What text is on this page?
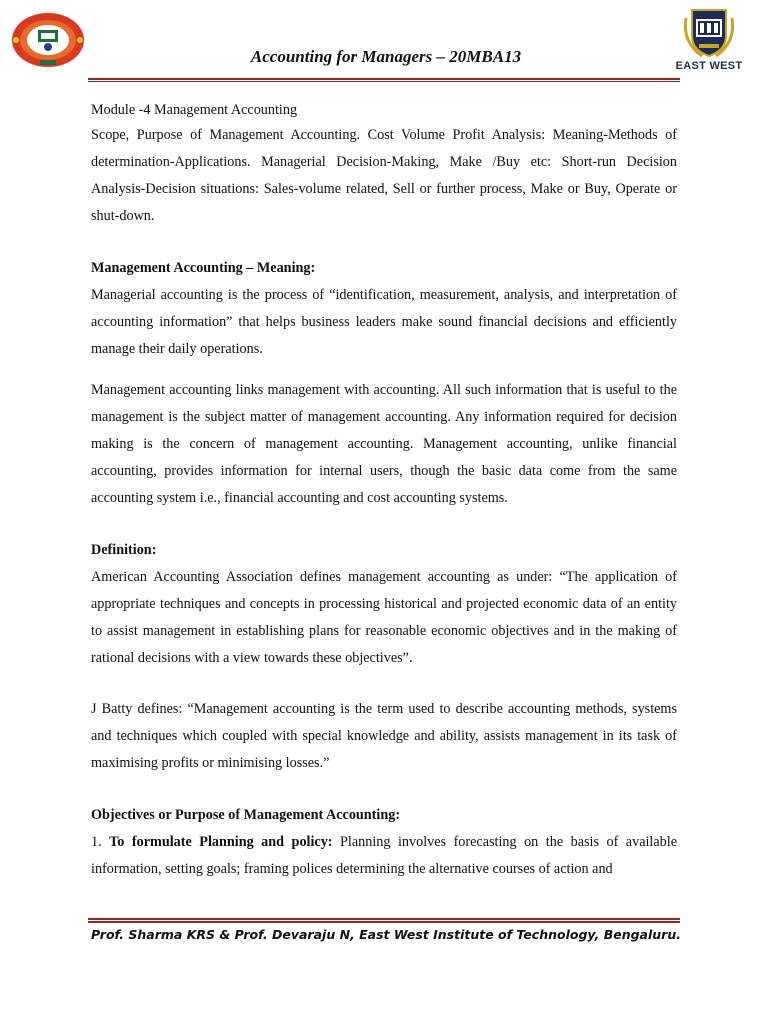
EAST WEST
Accounting for Managers – 20MBA13

Module -4 Management Accounting

Scope, Purpose of Management Accounting. Cost Volume Profit Analysis: Meaning-Methods of determination-Applications. Managerial Decision-Making, Make /Buy etc: Short-run Decision Analysis-Decision situations: Sales-volume related, Sell or further process, Make or Buy, Operate or shut-down.

Management Accounting – Meaning:

Managerial accounting is the process of “identification, measurement, analysis, and interpretation of accounting information” that helps business leaders make sound financial decisions and efficiently manage their daily operations.

Management accounting links management with accounting. All such information that is useful to the management is the subject matter of management accounting. Any information required for decision making is the concern of management accounting. Management accounting, unlike financial accounting, provides information for internal users, though the basic data come from the same accounting system i.e., financial accounting and cost accounting systems.

Definition:

American Accounting Association defines management accounting as under: “The application of appropriate techniques and concepts in processing historical and projected economic data of an entity to assist management in establishing plans for reasonable economic objectives and in the making of rational decisions with a view towards these objectives”.

J Batty defines: “Management accounting is the term used to describe accounting methods, systems and techniques which coupled with special knowledge and ability, assists management in its task of maximising profits or minimising losses.”

Objectives or Purpose of Management Accounting:

1. To formulate Planning and policy: Planning involves forecasting on the basis of available information, setting goals; framing polices determining the alternative courses of action and

Prof. Sharma KRS & Prof. Devaraju N, East West Institute of Technology, Bengaluru.
